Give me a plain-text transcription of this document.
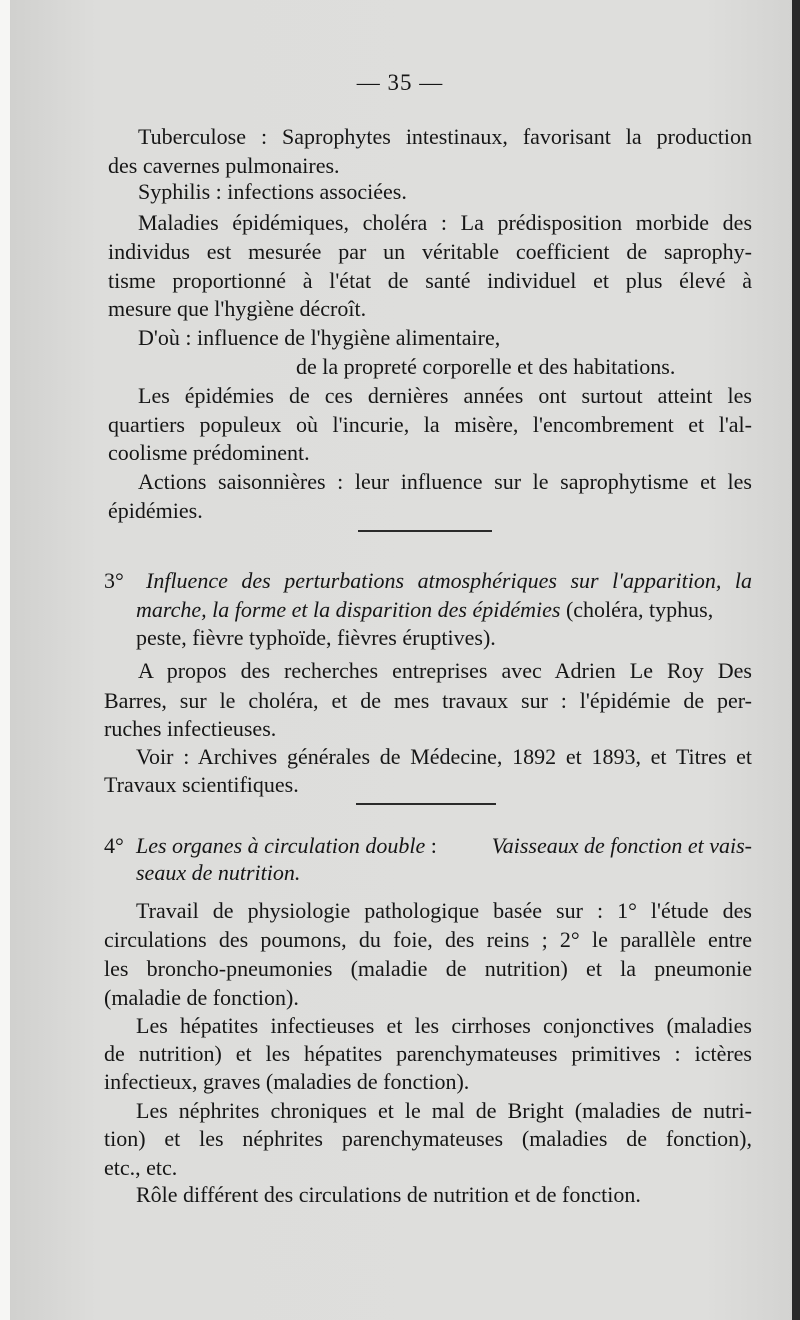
— 35 —
Tuberculose : Saprophytes intestinaux, favorisant la production
des cavernes pulmonaires.
Syphilis : infections associées.
Maladies épidémiques, choléra : La prédisposition morbide des
individus est mesurée par un véritable coefficient de saprophy-
tisme proportionné à l'état de santé individuel et plus élevé à
mesure que l'hygiène décroît.
D'où : influence de l'hygiène alimentaire,
de la propreté corporelle et des habitations.
Les épidémies de ces dernières années ont surtout atteint les
quartiers populeux où l'incurie, la misère, l'encombrement et l'al-
coolisme prédominent.
Actions saisonnières : leur influence sur le saprophytisme et les
épidémies.
3° Influence des perturbations atmosphériques sur l'apparition, la
marche, la forme et la disparition des épidémies (choléra, typhus,
peste, fièvre typhoïde, fièvres éruptives).
A propos des recherches entreprises avec Adrien Le Roy Des
Barres, sur le choléra, et de mes travaux sur : l'épidémie de per-
ruches infectieuses.
Voir : Archives générales de Médecine, 1892 et 1893, et Titres et
Travaux scientifiques.
4° Les organes à circulation double : Vaisseaux de fonction et vais-
seaux de nutrition.
Travail de physiologie pathologique basée sur : 1° l'étude des
circulations des poumons, du foie, des reins ; 2° le parallèle entre
les broncho-pneumonies (maladie de nutrition) et la pneumonie
(maladie de fonction).
Les hépatites infectieuses et les cirrhoses conjonctives (maladies
de nutrition) et les hépatites parenchymateuses primitives : ictères
infectieux, graves (maladies de fonction).
Les néphrites chroniques et le mal de Bright (maladies de nutri-
tion) et les néphrites parenchymateuses (maladies de fonction),
etc., etc.
Rôle différent des circulations de nutrition et de fonction.
